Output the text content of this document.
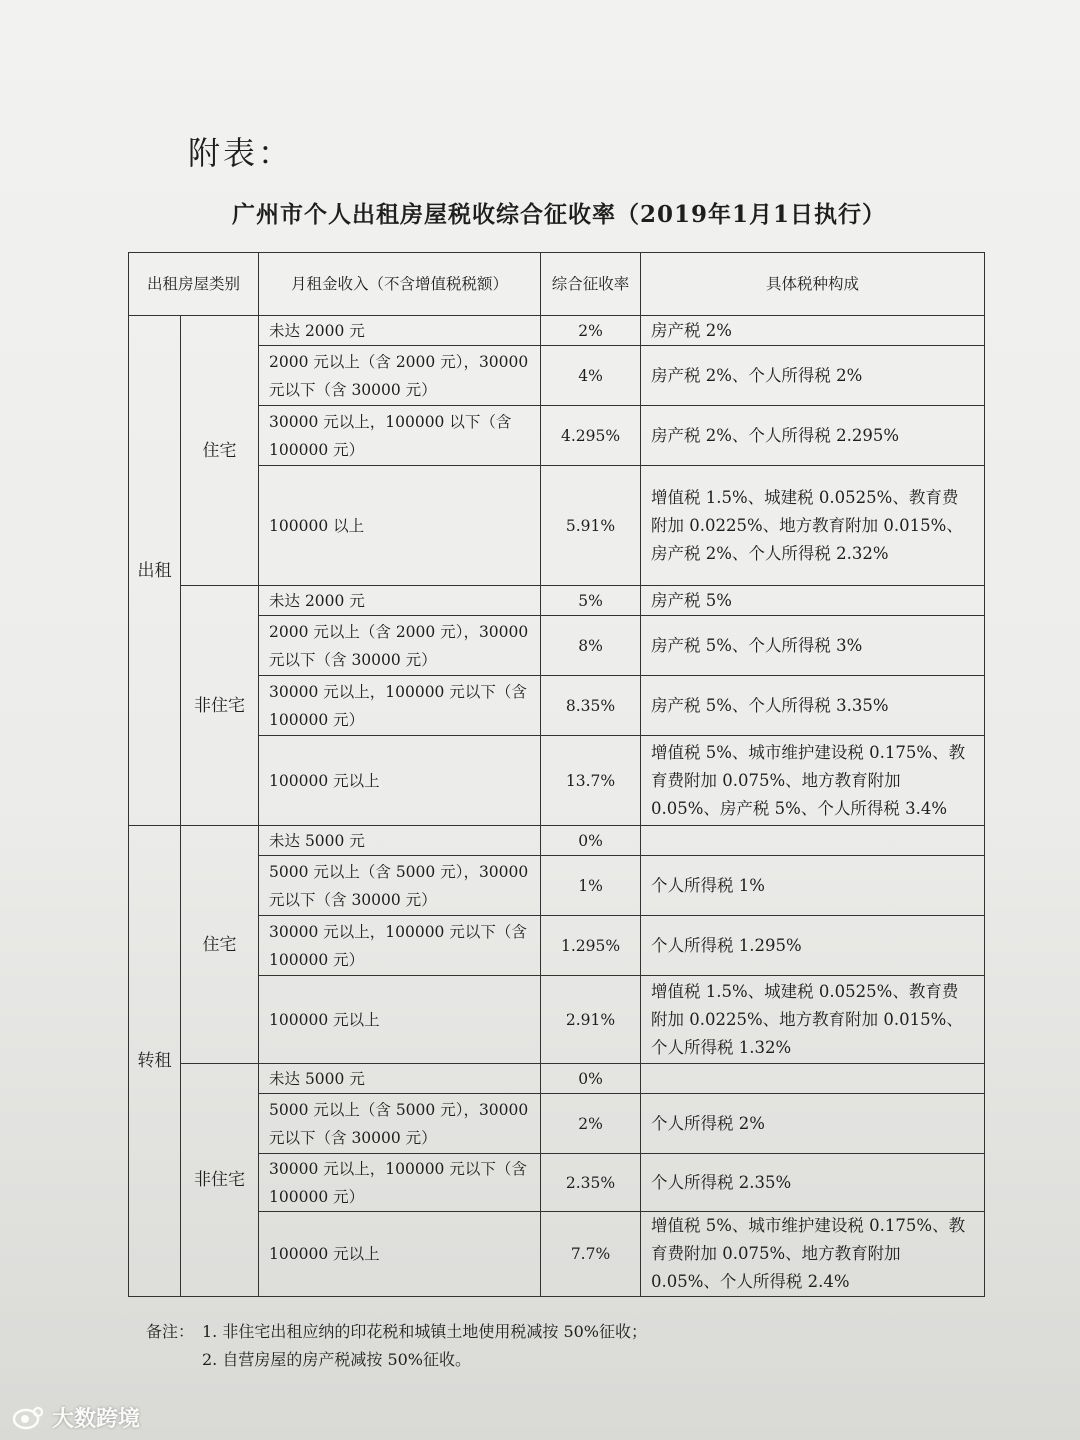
附表：
广州市个人出租房屋税收综合征收率（2019年1月1日执行）
出租房屋类别		月租金收入（不含增值税税额）	综合征收率	具体税种构成
出租	住宅	未达 2000 元	2%	房产税 2%
		2000 元以上（含 2000 元），30000 元以下（含 30000 元）	4%	房产税 2%、个人所得税 2%
		30000 元以上，100000 以下（含 100000 元）	4.295%	房产税 2%、个人所得税 2.295%
		100000 以上	5.91%	增值税 1.5%、城建税 0.0525%、教育费附加 0.0225%、地方教育附加 0.015%、房产税 2%、个人所得税 2.32%
	非住宅	未达 2000 元	5%	房产税 5%
		2000 元以上（含 2000 元），30000 元以下（含 30000 元）	8%	房产税 5%、个人所得税 3%
		30000 元以上，100000 元以下（含 100000 元）	8.35%	房产税 5%、个人所得税 3.35%
		100000 元以上	13.7%	增值税 5%、城市维护建设税 0.175%、教育费附加 0.075%、地方教育附加 0.05%、房产税 5%、个人所得税 3.4%
转租	住宅	未达 5000 元	0%	
		5000 元以上（含 5000 元），30000 元以下（含 30000 元）	1%	个人所得税 1%
		30000 元以上，100000 元以下（含 100000 元）	1.295%	个人所得税 1.295%
		100000 元以上	2.91%	增值税 1.5%、城建税 0.0525%、教育费附加 0.0225%、地方教育附加 0.015%、个人所得税 1.32%
	非住宅	未达 5000 元	0%	
		5000 元以上（含 5000 元），30000 元以下（含 30000 元）	2%	个人所得税 2%
		30000 元以上，100000 元以下（含 100000 元）	2.35%	个人所得税 2.35%
		100000 元以上	7.7%	增值税 5%、城市维护建设税 0.175%、教育费附加 0.075%、地方教育附加 0.05%、个人所得税 2.4%
备注： 1. 非住宅出租应纳的印花税和城镇土地使用税减按 50%征收；
2. 自营房屋的房产税减按 50%征收。
大数跨境
